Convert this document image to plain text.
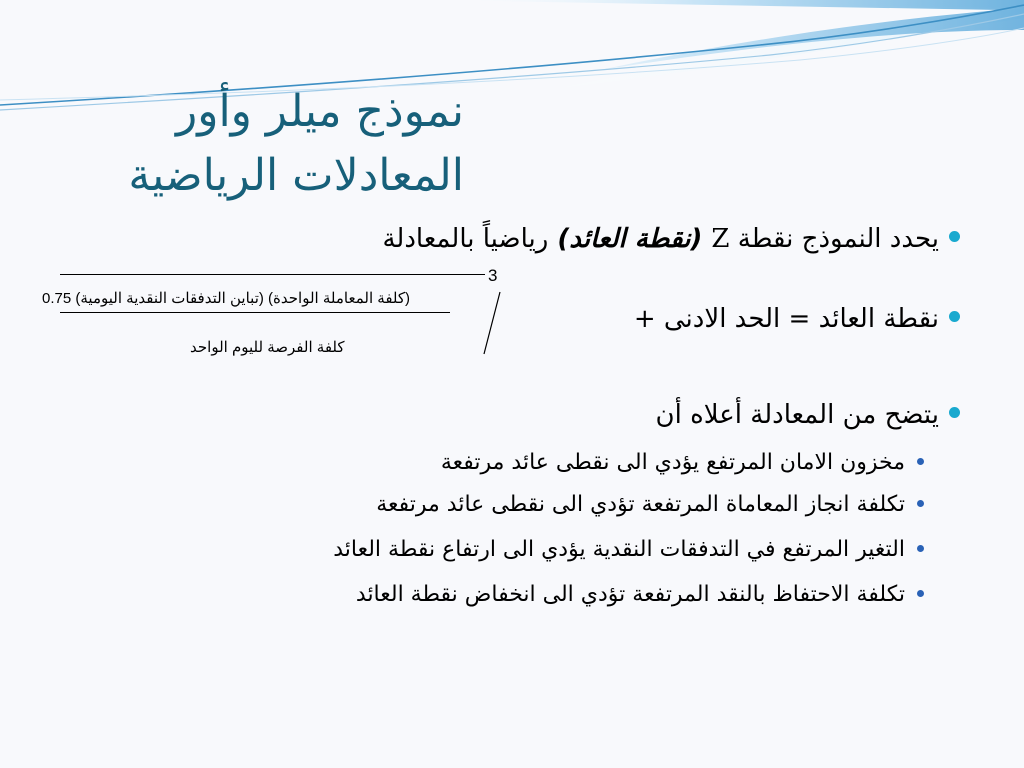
نموذج ميلر وأور
المعادلات الرياضية
يحدد النموذج نقطة Z (نقطة العائد) رياضياً بالمعادلة
نقطة العائد = الحد الادنى +
يتضح من المعادلة أعلاه أن
مخزون الامان المرتفع يؤدي الى نقطى عائد مرتفعة
تكلفة انجاز المعاماة المرتفعة تؤدي الى نقطى عائد مرتفعة
التغير المرتفع في التدفقات النقدية يؤدي الى ارتفاع نقطة العائد
تكلفة الاحتفاظ بالنقد المرتفعة تؤدي الى انخفاض نقطة العائد
3
(كلفة المعاملة الواحدة) (تباين التدفقات النقدية اليومية) 0.75
كلفة الفرصة لليوم الواحد
